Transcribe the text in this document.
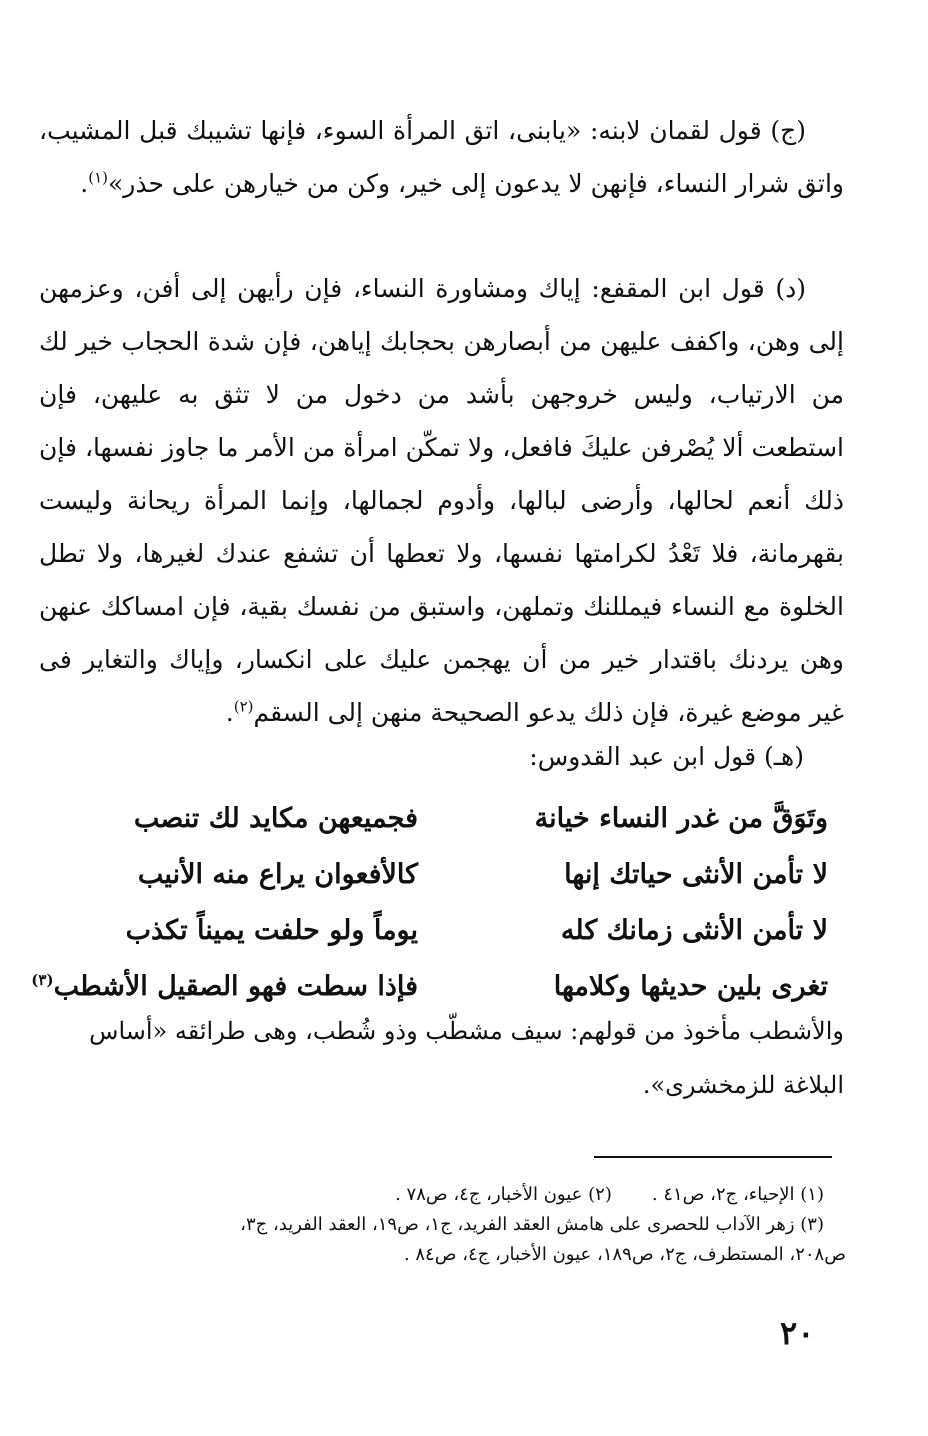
(ج) قول لقمان لابنه: «يابنى، اتق المرأة السوء، فإنها تشيبك قبل المشيب، واتق شرار النساء، فإنهن لا يدعون إلى خير، وكن من خيارهن على حذر»$^{(١)}$.
(د) قول ابن المقفع: إياك ومشاورة النساء، فإن رأيهن إلى أفن، وعزمهن إلى وهن، واكفف عليهن من أبصارهن بحجابك إياهن، فإن شدة الحجاب خير لك من الارتياب، وليس خروجهن بأشد من دخول من لا تثق به عليهن، فإن استطعت ألا يُصْرفن عليكَ فافعل، ولا تمكّن امرأة من الأمر ما جاوز نفسها، فإن ذلك أنعم لحالها، وأرضى لبالها، وأدوم لجمالها، وإنما المرأة ريحانة وليست بقهرمانة، فلا تَعْدُ لكرامتها نفسها، ولا تعطها أن تشفع عندك لغيرها، ولا تطل الخلوة مع النساء فيمللنك وتملهن، واستبق من نفسك بقية، فإن امساكك عنهن وهن يردنك باقتدار خير من أن يهجمن عليك على انكسار، وإياك والتغاير فى غير موضع غيرة، فإن ذلك يدعو الصحيحة منهن إلى السقم$^{(٢)}$.
(هـ) قول ابن عبد القدوس:
وتَوَقَّ من غدر النساء خيانة
فجميعهن مكايد لك تنصب
لا تأمن الأنثى حياتك إنها
كالأفعوان يراع منه الأنيب
لا تأمن الأنثى زمانك كله
يوماً ولو حلفت يميناً تكذب
تغرى بلين حديثها وكلامها
فإذا سطت فهو الصقيل الأشطب$^{(٣)}$
والأشطب مأخوذ من قولهم: سيف مشطّب وذو شُطب، وهى طرائقه «أساس البلاغة للزمخشرى».
(١) الإحياء، ج٢، ص٤١ .
(٢) عيون الأخبار، ج٤، ص٧٨ .
(٣) زهر الآداب للحصرى على هامش العقد الفريد، ج١، ص١٩، العقد الفريد، ج٣،
ص٢٠٨، المستطرف، ج٢، ص١٨٩، عيون الأخبار، ج٤، ص٨٤ .
٢٠
